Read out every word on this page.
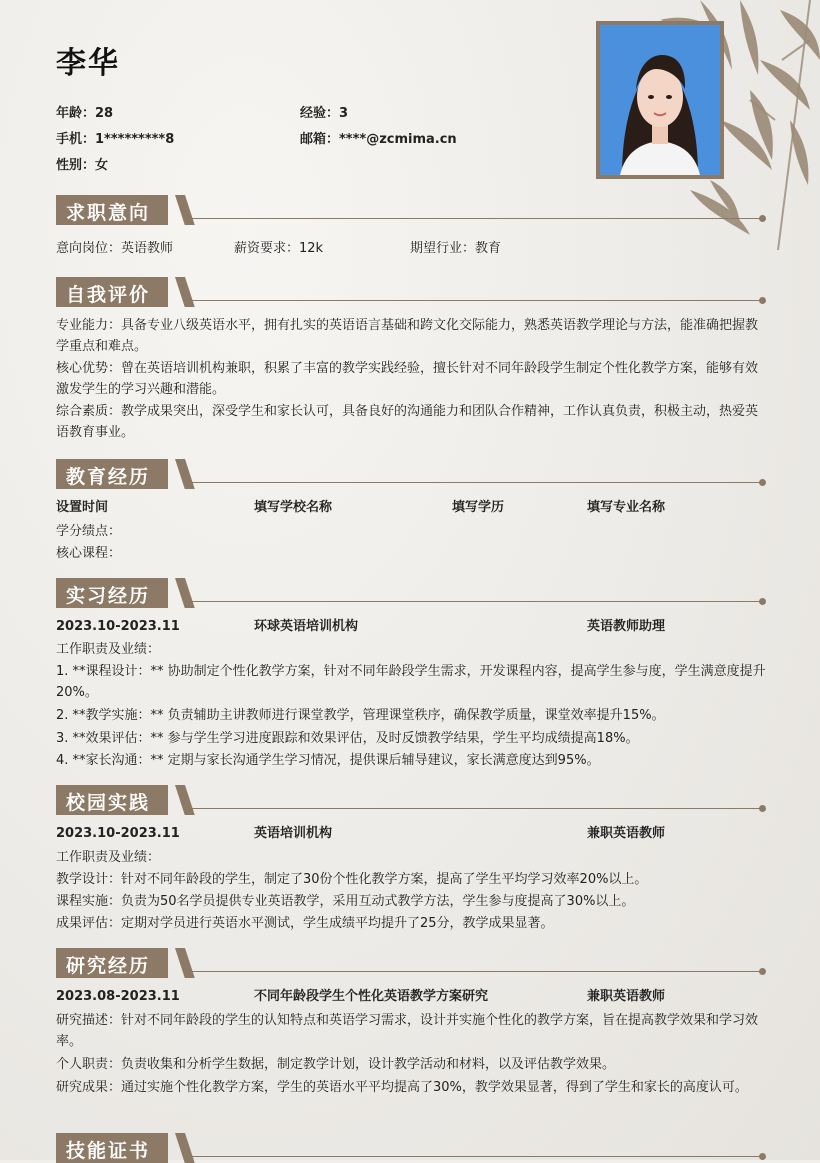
李华
年龄：28	经验：3
手机：1*********8	邮箱：****@zcmima.cn
性别：女
求职意向
意向岗位：英语教师	薪资要求：12k	期望行业：教育
自我评价
专业能力：具备专业八级英语水平，拥有扎实的英语语言基础和跨文化交际能力，熟悉英语教学理论与方法，能准确把握教学重点和难点。
核心优势：曾在英语培训机构兼职，积累了丰富的教学实践经验，擅长针对不同年龄段学生制定个性化教学方案，能够有效激发学生的学习兴趣和潜能。
综合素质：教学成果突出，深受学生和家长认可，具备良好的沟通能力和团队合作精神，工作认真负责，积极主动，热爱英语教育事业。
教育经历
设置时间	填写学校名称	填写学历	填写专业名称
学分绩点：
核心课程：
实习经历
2023.10-2023.11	环球英语培训机构	英语教师助理
工作职责及业绩：
1. **课程设计：** 协助制定个性化教学方案，针对不同年龄段学生需求，开发课程内容，提高学生参与度，学生满意度提升20%。
2. **教学实施：** 负责辅助主讲教师进行课堂教学，管理课堂秩序，确保教学质量，课堂效率提升15%。
3. **效果评估：** 参与学生学习进度跟踪和效果评估，及时反馈教学结果，学生平均成绩提高18%。
4. **家长沟通：** 定期与家长沟通学生学习情况，提供课后辅导建议，家长满意度达到95%。
校园实践
2023.10-2023.11	英语培训机构	兼职英语教师
工作职责及业绩：
教学设计：针对不同年龄段的学生，制定了30份个性化教学方案，提高了学生平均学习效率20%以上。
课程实施：负责为50名学员提供专业英语教学，采用互动式教学方法，学生参与度提高了30%以上。
成果评估：定期对学员进行英语水平测试，学生成绩平均提升了25分，教学成果显著。
研究经历
2023.08-2023.11	不同年龄段学生个性化英语教学方案研究	兼职英语教师
研究描述：针对不同年龄段的学生的认知特点和英语学习需求，设计并实施个性化的教学方案，旨在提高教学效果和学习效率。
个人职责：负责收集和分析学生数据，制定教学计划，设计教学活动和材料，以及评估教学效果。
研究成果：通过实施个性化教学方案，学生的英语水平平均提高了30%，教学效果显著，得到了学生和家长的高度认可。
技能证书
